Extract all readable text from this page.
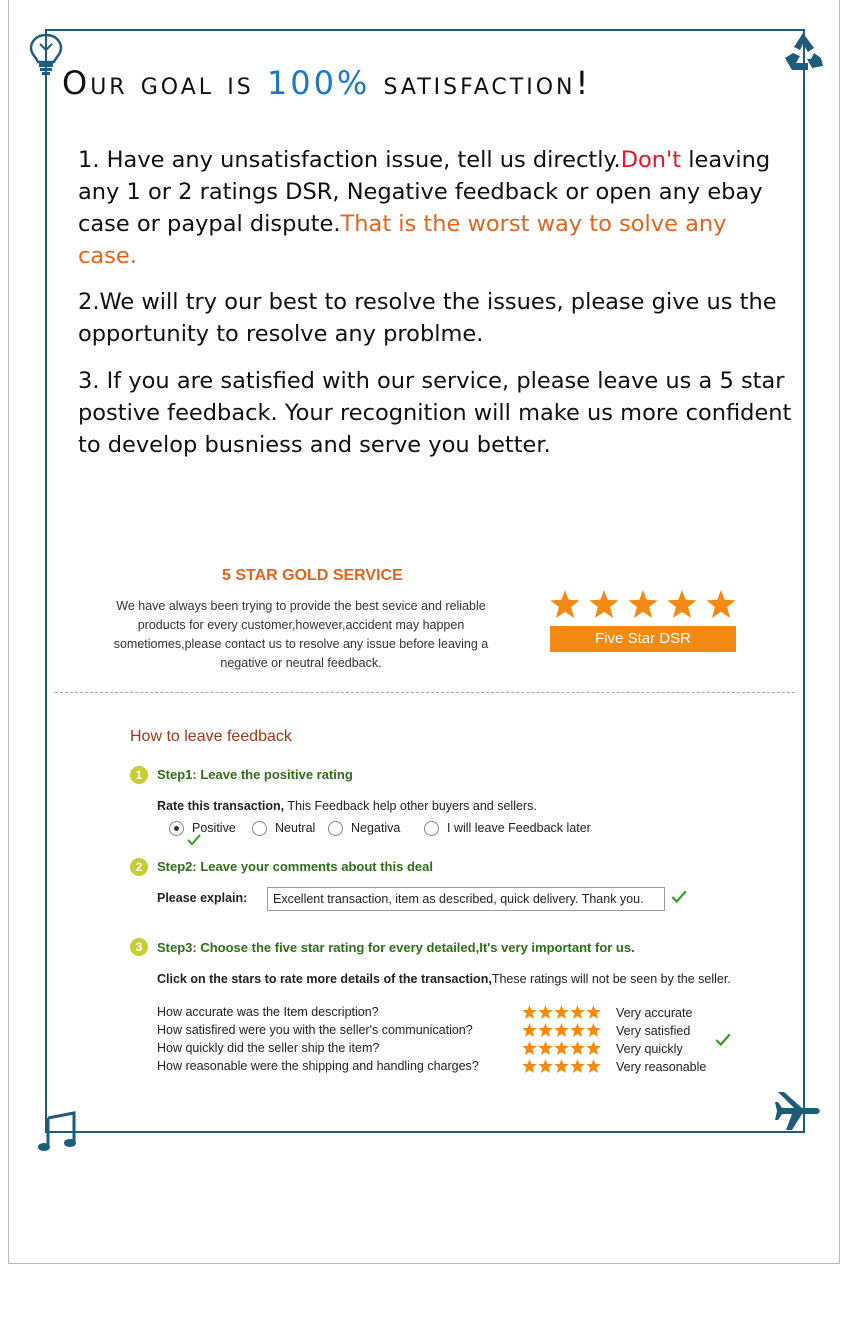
Our goal is 100% satisfaction!
1. Have any unsatisfaction issue, tell us directly.Don't leaving any 1 or 2 ratings DSR, Negative feedback or open any ebay case or paypal dispute.That is the worst way to solve any case.
2.We will try our best to resolve the issues, please give us the opportunity to resolve any problme.
3. If you are satisfied with our service, please leave us a 5 star postive feedback. Your recognition will make us more confident to develop busniess and serve you better.
5 STAR GOLD SERVICE
We have always been trying to provide the best sevice and reliable products for every customer,however,accident may happen sometiomes,please contact us to resolve any issue before leaving a negative or neutral feedback.
Five Star DSR
How to leave feedback
1	Step1: Leave the positive rating
Rate this transaction, This Feedback help other buyers and sellers.
Positive	Neutral	Negativa	I will leave Feedback later
2	Step2: Leave your comments about this deal
Please explain:	Excellent transaction, item as described, quick delivery. Thank you.
3	Step3: Choose the five star rating for every detailed,It's very important for us.
Click on the stars to rate more details of the transaction,These ratings will not be seen by the seller.
How accurate was the Item description?	Very accurate
How satisfired were you with the seller's communication?	Very satisfied
How quickly did the seller ship the item?	Very quickly
How reasonable were the shipping and handling charges?	Very reasonable
